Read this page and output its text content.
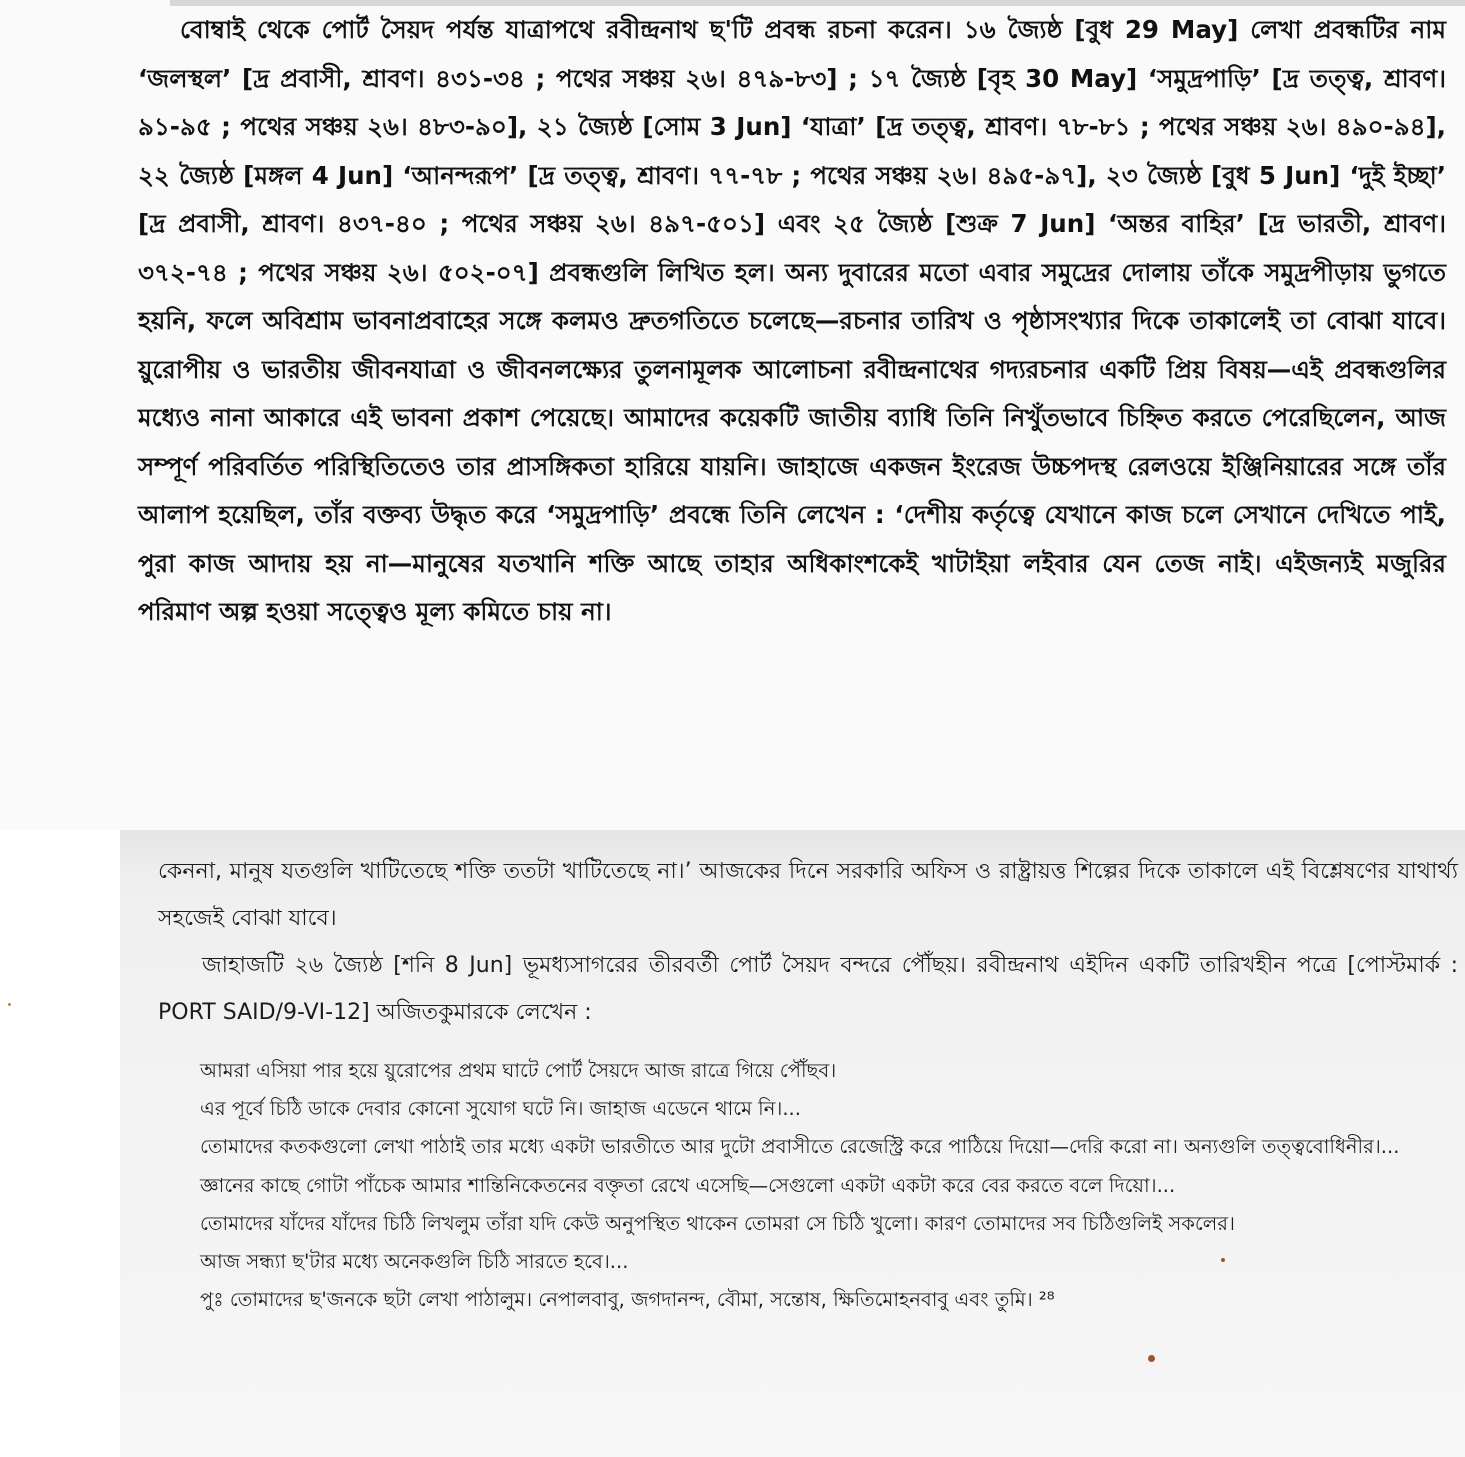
বোম্বাই থেকে পোর্ট সৈয়দ পর্যন্ত যাত্রাপথে রবীন্দ্রনাথ ছ'টি প্রবন্ধ রচনা করেন। ১৬ জ্যৈষ্ঠ [বুধ 29 May] লেখা প্রবন্ধটির নাম ‘জলস্থল’ [দ্র প্রবাসী, শ্রাবণ। ৪৩১-৩৪ ; পথের সঞ্চয় ২৬। ৪৭৯-৮৩] ; ১৭ জ্যৈষ্ঠ [বৃহ 30 May] ‘সমুদ্রপাড়ি’ [দ্র তত্ত্ব, শ্রাবণ। ৯১-৯৫ ; পথের সঞ্চয় ২৬। ৪৮৩-৯০], ২১ জ্যৈষ্ঠ [সোম 3 Jun] ‘যাত্রা’ [দ্র তত্ত্ব, শ্রাবণ। ৭৮-৮১ ; পথের সঞ্চয় ২৬। ৪৯০-৯৪], ২২ জ্যৈষ্ঠ [মঙ্গল 4 Jun] ‘আনন্দরূপ’ [দ্র তত্ত্ব, শ্রাবণ। ৭৭-৭৮ ; পথের সঞ্চয় ২৬। ৪৯৫-৯৭], ২৩ জ্যৈষ্ঠ [বুধ 5 Jun] ‘দুই ইচ্ছা’ [দ্র প্রবাসী, শ্রাবণ। ৪৩৭-৪০ ; পথের সঞ্চয় ২৬। ৪৯৭-৫০১] এবং ২৫ জ্যৈষ্ঠ [শুক্র 7 Jun] ‘অন্তর বাহির’ [দ্র ভারতী, শ্রাবণ। ৩৭২-৭৪ ; পথের সঞ্চয় ২৬। ৫০২-০৭] প্রবন্ধগুলি লিখিত হল। অন্য দুবারের মতো এবার সমুদ্রের দোলায় তাঁকে সমুদ্রপীড়ায় ভুগতে হয়নি, ফলে অবিশ্রাম ভাবনাপ্রবাহের সঙ্গে কলমও দ্রুতগতিতে চলেছে—রচনার তারিখ ও পৃষ্ঠাসংখ্যার দিকে তাকালেই তা বোঝা যাবে। য়ুরোপীয় ও ভারতীয় জীবনযাত্রা ও জীবনলক্ষ্যের তুলনামূলক আলোচনা রবীন্দ্রনাথের গদ্যরচনার একটি প্রিয় বিষয়—এই প্রবন্ধগুলির মধ্যেও নানা আকারে এই ভাবনা প্রকাশ পেয়েছে। আমাদের কয়েকটি জাতীয় ব্যাধি তিনি নিখুঁতভাবে চিহ্নিত করতে পেরেছিলেন, আজ সম্পূর্ণ পরিবর্তিত পরিস্থিতিতেও তার প্রাসঙ্গিকতা হারিয়ে যায়নি। জাহাজে একজন ইংরেজ উচ্চপদস্থ রেলওয়ে ইঞ্জিনিয়ারের সঙ্গে তাঁর আলাপ হয়েছিল, তাঁর বক্তব্য উদ্ধৃত করে ‘সমুদ্রপাড়ি’ প্রবন্ধে তিনি লেখেন : ‘দেশীয় কর্তৃত্বে যেখানে কাজ চলে সেখানে দেখিতে পাই, পুরা কাজ আদায় হয় না—মানুষের যতখানি শক্তি আছে তাহার অধিকাংশকেই খাটাইয়া লইবার যেন তেজ নাই। এইজন্যই মজুরির পরিমাণ অল্প হওয়া সত্ত্বেও মূল্য কমিতে চায় না।

কেননা, মানুষ যতগুলি খাটিতেছে শক্তি ততটা খাটিতেছে না।’ আজকের দিনে সরকারি অফিস ও রাষ্ট্রায়ত্ত শিল্পের দিকে তাকালে এই বিশ্লেষণের যাথার্থ্য সহজেই বোঝা যাবে।

জাহাজটি ২৬ জ্যৈষ্ঠ [শনি 8 Jun] ভূমধ্যসাগরের তীরবর্তী পোর্ট সৈয়দ বন্দরে পৌঁছয়। রবীন্দ্রনাথ এইদিন একটি তারিখহীন পত্রে [পোস্টমার্ক : PORT SAID/9-VI-12] অজিতকুমারকে লেখেন :

আমরা এসিয়া পার হয়ে য়ুরোপের প্রথম ঘাটে পোর্ট সৈয়দে আজ রাত্রে গিয়ে পৌঁছব।

এর পূর্বে চিঠি ডাকে দেবার কোনো সুযোগ ঘটে নি। জাহাজ এডেনে থামে নি।...

তোমাদের কতকগুলো লেখা পাঠাই তার মধ্যে একটা ভারতীতে আর দুটো প্রবাসীতে রেজেস্ট্রি করে পাঠিয়ে দিয়ো—দেরি করো না। অন্যগুলি তত্ত্ববোধিনীর।...

জ্ঞানের কাছে গোটা পাঁচেক আমার শান্তিনিকেতনের বক্তৃতা রেখে এসেছি—সেগুলো একটা একটা করে বের করতে বলে দিয়ো।...

তোমাদের যাঁদের যাঁদের চিঠি লিখলুম তাঁরা যদি কেউ অনুপস্থিত থাকেন তোমরা সে চিঠি খুলো। কারণ তোমাদের সব চিঠিগুলিই সকলের।

আজ সন্ধ্যা ছ'টার মধ্যে অনেকগুলি চিঠি সারতে হবে।...

পুঃ তোমাদের ছ'জনকে ছটা লেখা পাঠালুম। নেপালবাবু, জগদানন্দ, বৌমা, সন্তোষ, ক্ষিতিমোহনবাবু এবং তুমি। ²⁸
